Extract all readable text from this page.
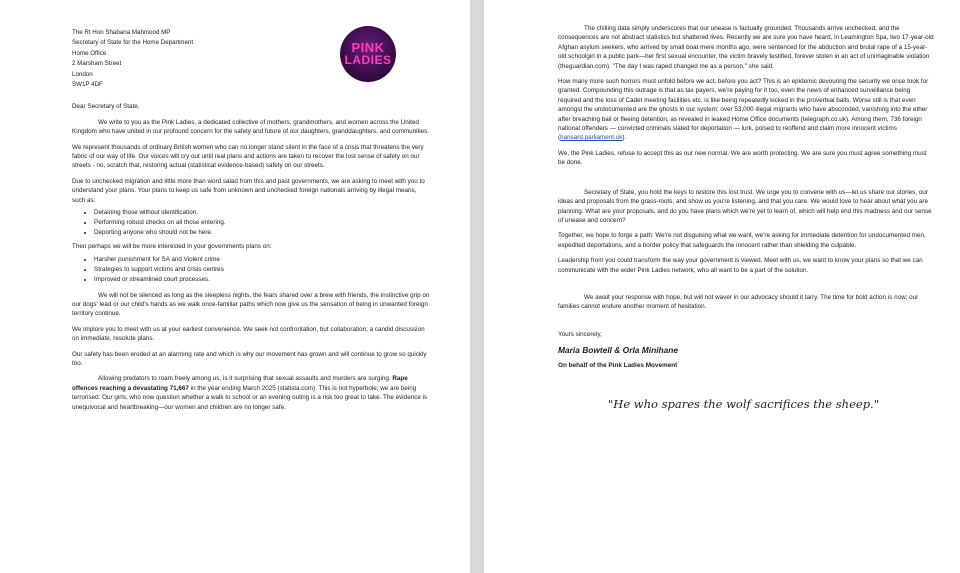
PINK
LADIES
The Rt Hon Shabana Mahmood MP
Secretary of State for the Home Department
Home Office
2 Marsham Street
London
SW1P 4DF

Dear Secretary of State,

We write to you as the Pink Ladies, a dedicated collective of mothers, grandmothers, and women across the United Kingdom who have united in our profound concern for the safety and future of our daughters, granddaughters, and communities.

We represent thousands of ordinary British women who can no longer stand silent in the face of a crisis that threatens the very fabric of our way of life. Our voices will cry out until real plans and actions are taken to recover the lost sense of safety on our streets - no, scratch that, restoring actual (statistical evidence-based) safety on our streets.

Due to unchecked migration and little more than word salad from this and past governments, we are asking to meet with you to understand your plans. Your plans to keep us safe from unknown and unchecked foreign nationals arriving by illegal means, such as:

• Detaining those without identification.
• Performing robust checks on all those entering.
• Deporting anyone who should not be here.

Then perhaps we will be more interested in your governments plans on:

• Harsher punishment for SA and Violent crime
• Strategies to support victims and crisis centres
• Improved or streamlined court processes.

We will not be silenced as long as the sleepless nights, the fears shared over a brew with friends, the instinctive grip on our dogs' lead or our child's hands as we walk once-familiar paths which now give us the sensation of being in unwanted foreign territory continue.

We implore you to meet with us at your earliest convenience. We seek not confrontation, but collaboration; a candid discussion on immediate, resolute plans.

Our safety has been eroded at an alarming rate and which is why our movement has grown and will continue to grow so quickly too.

Allowing predators to roam freely among us, is it surprising that sexual assaults and murders are surging. Rape offences reaching a devastating 71,667 in the year ending March 2025 (statista.com). This is not hyperbole; we are being terrorised. Our girls, who now question whether a walk to school or an evening outing is a risk too great to take. The evidence is unequivocal and heartbreaking—our women and children are no longer safe.

The chilling data simply underscores that our unease is factually grounded. Thousands arrive unchecked, and the consequences are not abstract statistics but shattered lives. Recently we are sure you have heard, in Leamington Spa, two 17-year-old Afghan asylum seekers, who arrived by small boat mere months ago, were sentenced for the abduction and brutal rape of a 15-year-old schoolgirl in a public park—her first sexual encounter, the victim bravely testified, forever stolen in an act of unimaginable violation (theguardian.com). "The day I was raped changed me as a person," she said.

How many more such horrors must unfold before we act, before you act? This is an epidemic devouring the security we once took for granted. Compounding this outrage is that as tax payers, we're paying for it too, even the news of enhanced surveillance being required and the loss of Cadet meeting facilities etc. is like being repeatedly kicked in the proverbial balls. Worse still is that even amongst the undocumented are the ghosts in our system: over 53,000 illegal migrants who have absconded, vanishing into the ether after breaching bail or fleeing detention, as revealed in leaked Home Office documents (telegraph.co.uk). Among them, 736 foreign national offenders — convicted criminals slated for deportation — lurk, poised to reoffend and claim more innocent victims (hansard.parliament.uk).

We, the Pink Ladies, refuse to accept this as our new normal. We are worth protecting. We are sure you must agree something must be done.

Secretary of State, you hold the keys to restore this lost trust. We urge you to convene with us—let us share our stories, our ideas and proposals from the grass-roots, and show us you're listening, and that you care. We would love to hear about what you are planning. What are your proposals, and do you have plans which we're yet to learn of, which will help end this madness and our sense of unease and concern?

Together, we hope to forge a path: We're not disguising what we want, we're asking for immediate detention for undocumented men, expedited deportations, and a border policy that safeguards the innocent rather than shielding the culpable.

Leadership from you could transform the way your government is viewed. Meet with us, we want to know your plans so that we can communicate with the wider Pink Ladies network, who all want to be a part of the solution.

We await your response with hope, but will not waver in our advocacy should it tarry. The time for bold action is now; our families cannot endure another moment of hesitation.

Yours sincerely,

Maria Bowtell & Orla Minihane
On behalf of the Pink Ladies Movement
"He who spares the wolf sacrifices the sheep."
